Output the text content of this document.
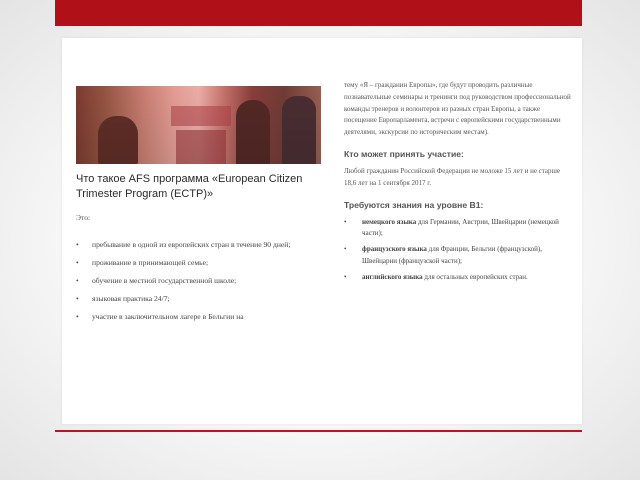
Что такое AFS программа «European Citizen Trimester Program (ECTP)»

Это:

• пребывание в одной из европейских стран в течение 90 дней;
• проживание в принимающей семье;
• обучение в местной государственной школе;
• языковая практика 24/7;
• участие в заключительном лагере в Бельгии на

тему «Я – гражданин Европы», где будут проводить различные познавательные семинары и тренинги под руководством профессиональной команды тренеров и волонтеров из разных стран Европы, а также посещение Европарламента, встречи с европейскими государственными деятелями, экскурсии по историческим местам).

Кто может принять участие:

Любой гражданин Российской Федерации не моложе 15 лет и не старше 18,6 лет на 1 сентября 2017 г.

Требуются знания на уровне В1:
• немецкого языка для Германии, Австрии, Швейцарии (немецкой части);
• французского языка для Франции, Бельгии (французской), Швейцарии (французской части);
• английского языка для остальных европейских стран.
